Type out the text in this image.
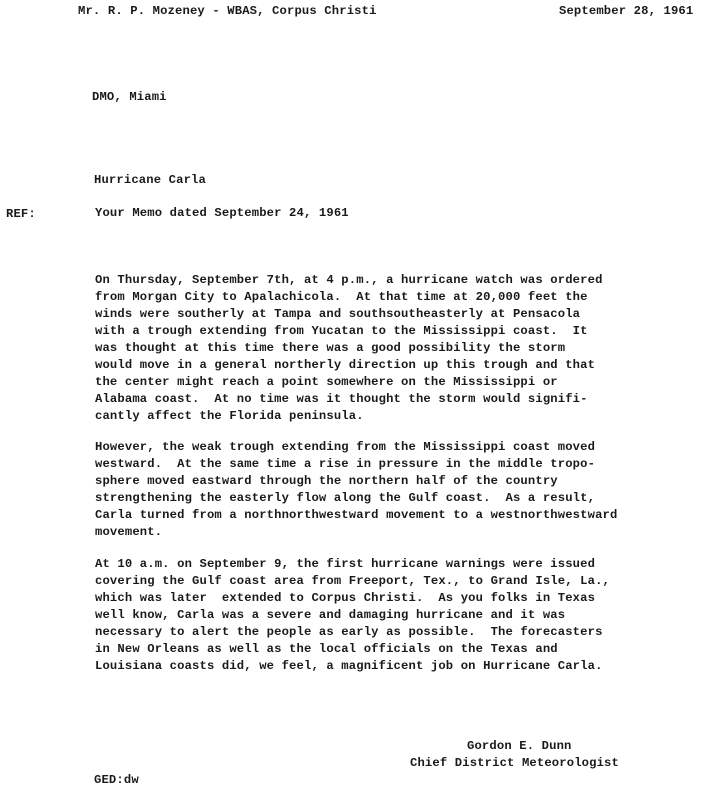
Mr. R. P. Mozeney - WBAS, Corpus Christi	September 28, 1961
DMO, Miami
Hurricane Carla
REF:	Your Memo dated September 24, 1961
On Thursday, September 7th, at 4 p.m., a hurricane watch was ordered
from Morgan City to Apalachicola.  At that time at 20,000 feet the
winds were southerly at Tampa and southsoutheasterly at Pensacola
with a trough extending from Yucatan to the Mississippi coast.  It
was thought at this time there was a good possibility the storm
would move in a general northerly direction up this trough and that
the center might reach a point somewhere on the Mississippi or
Alabama coast.  At no time was it thought the storm would signifi-
cantly affect the Florida peninsula.
However, the weak trough extending from the Mississippi coast moved
westward.  At the same time a rise in pressure in the middle tropo-
sphere moved eastward through the northern half of the country
strengthening the easterly flow along the Gulf coast.  As a result,
Carla turned from a northnorthwestward movement to a westnorthwestward
movement.
At 10 a.m. on September 9, the first hurricane warnings were issued
covering the Gulf coast area from Freeport, Tex., to Grand Isle, La.,
which was later  extended to Corpus Christi.  As you folks in Texas
well know, Carla was a severe and damaging hurricane and it was
necessary to alert the people as early as possible.  The forecasters
in New Orleans as well as the local officials on the Texas and
Louisiana coasts did, we feel, a magnificent job on Hurricane Carla.
Gordon E. Dunn
Chief District Meteorologist
GED:dw
